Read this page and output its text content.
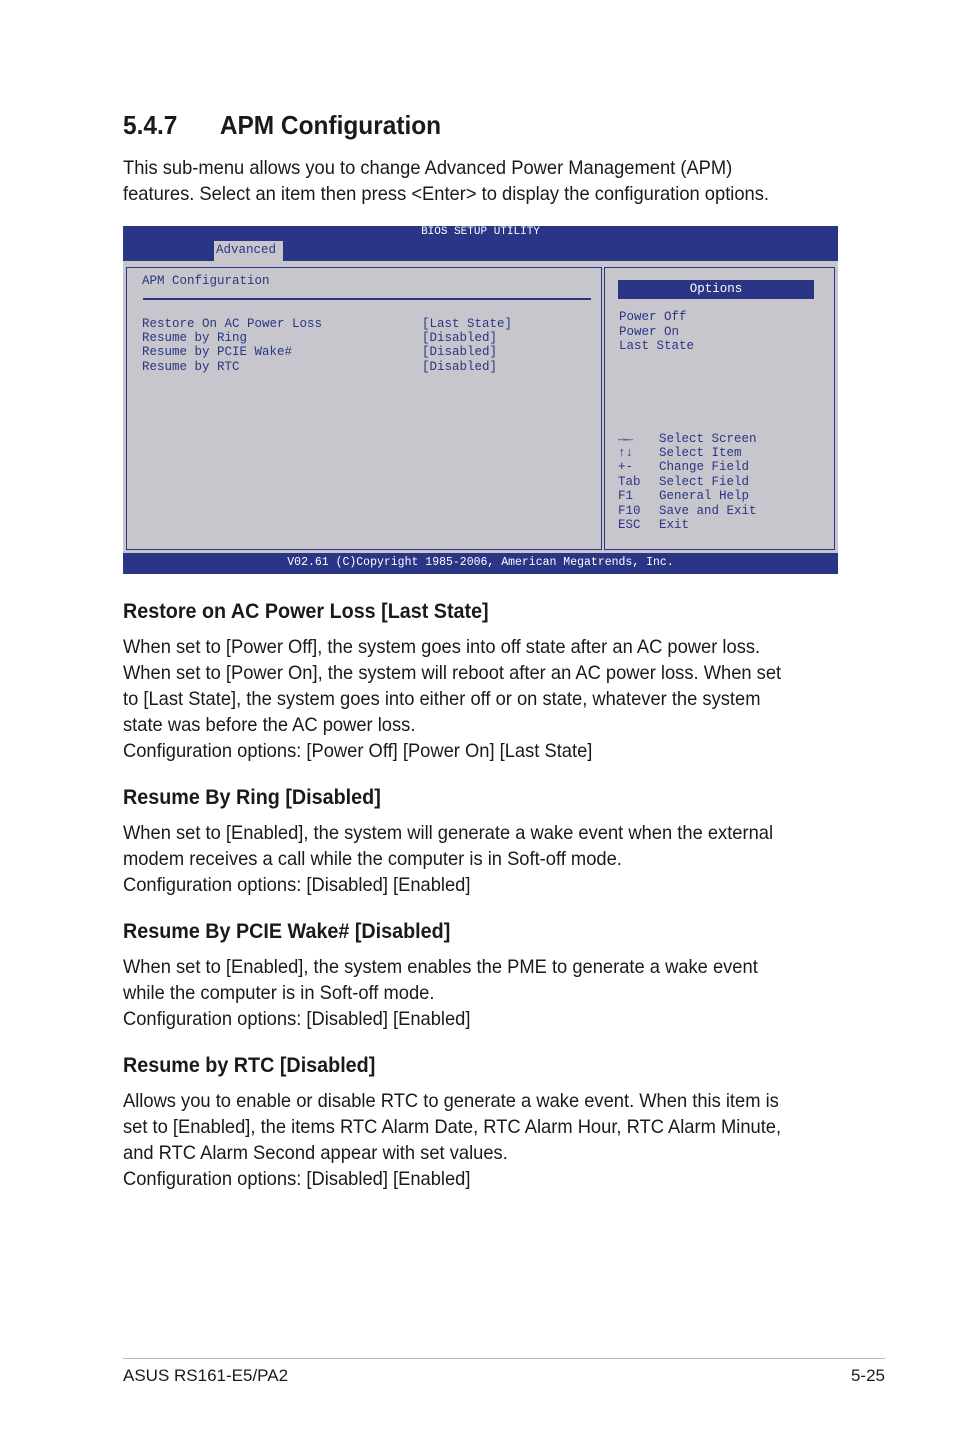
5.4.7 APM Configuration
This sub-menu allows you to change Advanced Power Management (APM)
features. Select an item then press <Enter> to display the configuration options.
BIOS SETUP UTILITY
Advanced
APM Configuration
Restore On AC Power Loss	[Last State]
Resume by Ring	[Disabled]
Resume by PCIE Wake#	[Disabled]
Resume by RTC	[Disabled]
Options
Power Off
Power On
Last State
→← Select Screen
↑↓ Select Item
+- Change Field
Tab Select Field
F1 General Help
F10 Save and Exit
ESC Exit
V02.61 (C)Copyright 1985-2006, American Megatrends, Inc.
Restore on AC Power Loss [Last State]
When set to [Power Off], the system goes into off state after an AC power loss.
When set to [Power On], the system will reboot after an AC power loss. When set
to [Last State], the system goes into either off or on state, whatever the system
state was before the AC power loss.
Configuration options: [Power Off] [Power On] [Last State]
Resume By Ring [Disabled]
When set to [Enabled], the system will generate a wake event when the external
modem receives a call while the computer is in Soft-off mode.
Configuration options: [Disabled] [Enabled]
Resume By PCIE Wake# [Disabled]
When set to [Enabled], the system enables the PME to generate a wake event
while the computer is in Soft-off mode.
Configuration options: [Disabled] [Enabled]
Resume by RTC [Disabled]
Allows you to enable or disable RTC to generate a wake event. When this item is
set to [Enabled], the items RTC Alarm Date, RTC Alarm Hour, RTC Alarm Minute,
and RTC Alarm Second appear with set values.
Configuration options: [Disabled] [Enabled]
ASUS RS161-E5/PA2	5-25
